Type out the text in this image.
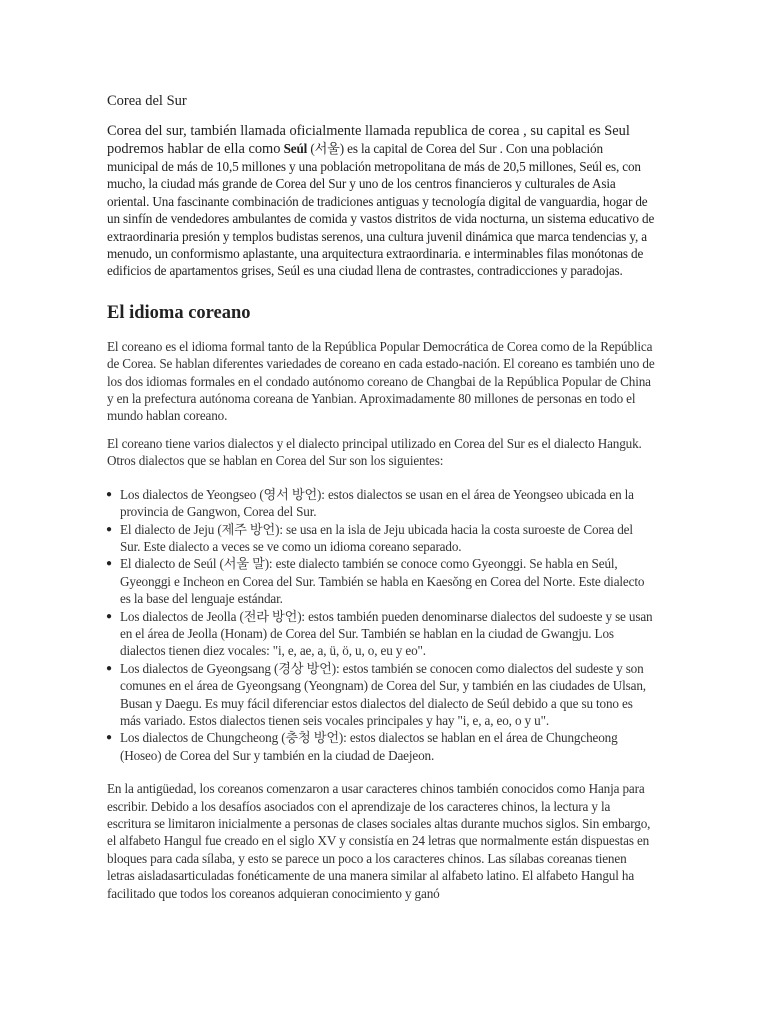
Corea del Sur

Corea del sur, también llamada oficialmente llamada republica de corea , su capital es Seul podremos hablar de ella como Seúl (서울) es la capital de Corea del Sur . Con una población municipal de más de 10,5 millones y una población metropolitana de más de 20,5 millones, Seúl es, con mucho, la ciudad más grande de Corea del Sur y uno de los centros financieros y culturales de Asia oriental. Una fascinante combinación de tradiciones antiguas y tecnología digital de vanguardia, hogar de un sinfín de vendedores ambulantes de comida y vastos distritos de vida nocturna, un sistema educativo de extraordinaria presión y templos budistas serenos, una cultura juvenil dinámica que marca tendencias y, a menudo, un conformismo aplastante, una arquitectura extraordinaria. e interminables filas monótonas de edificios de apartamentos grises, Seúl es una ciudad llena de contrastes, contradicciones y paradojas.

El idioma coreano

El coreano es el idioma formal tanto de la República Popular Democrática de Corea como de la República de Corea. Se hablan diferentes variedades de coreano en cada estado-nación. El coreano es también uno de los dos idiomas formales en el condado autónomo coreano de Changbai de la República Popular de China y en la prefectura autónoma coreana de Yanbian. Aproximadamente 80 millones de personas en todo el mundo hablan coreano.

El coreano tiene varios dialectos y el dialecto principal utilizado en Corea del Sur es el dialecto Hanguk. Otros dialectos que se hablan en Corea del Sur son los siguientes:

● Los dialectos de Yeongseo (영서 방언): estos dialectos se usan en el área de Yeongseo ubicada en la provincia de Gangwon, Corea del Sur.
● El dialecto de Jeju (제주 방언): se usa en la isla de Jeju ubicada hacia la costa suroeste de Corea del Sur. Este dialecto a veces se ve como un idioma coreano separado.
● El dialecto de Seúl (서울 말): este dialecto también se conoce como Gyeonggi. Se habla en Seúl, Gyeonggi e Incheon en Corea del Sur. También se habla en Kaesŏng en Corea del Norte. Este dialecto es la base del lenguaje estándar.
● Los dialectos de Jeolla (전라 방언): estos también pueden denominarse dialectos del sudoeste y se usan en el área de Jeolla (Honam) de Corea del Sur. También se hablan en la ciudad de Gwangju. Los dialectos tienen diez vocales: "i, e, ae, a, ü, ö, u, o, eu y eo".
● Los dialectos de Gyeongsang (경상 방언): estos también se conocen como dialectos del sudeste y son comunes en el área de Gyeongsang (Yeongnam) de Corea del Sur, y también en las ciudades de Ulsan, Busan y Daegu. Es muy fácil diferenciar estos dialectos del dialecto de Seúl debido a que su tono es más variado. Estos dialectos tienen seis vocales principales y hay "i, e, a, eo, o y u".
● Los dialectos de Chungcheong (충청 방언): estos dialectos se hablan en el área de Chungcheong (Hoseo) de Corea del Sur y también en la ciudad de Daejeon.

En la antigüedad, los coreanos comenzaron a usar caracteres chinos también conocidos como Hanja para escribir. Debido a los desafíos asociados con el aprendizaje de los caracteres chinos, la lectura y la escritura se limitaron inicialmente a personas de clases sociales altas durante muchos siglos. Sin embargo, el alfabeto Hangul fue creado en el siglo XV y consistía en 24 letras que normalmente están dispuestas en bloques para cada sílaba, y esto se parece un poco a los caracteres chinos. Las sílabas coreanas tienen letras aisladasarticuladas fonéticamente de una manera similar al alfabeto latino. El alfabeto Hangul ha facilitado que todos los coreanos adquieran conocimiento y ganó
